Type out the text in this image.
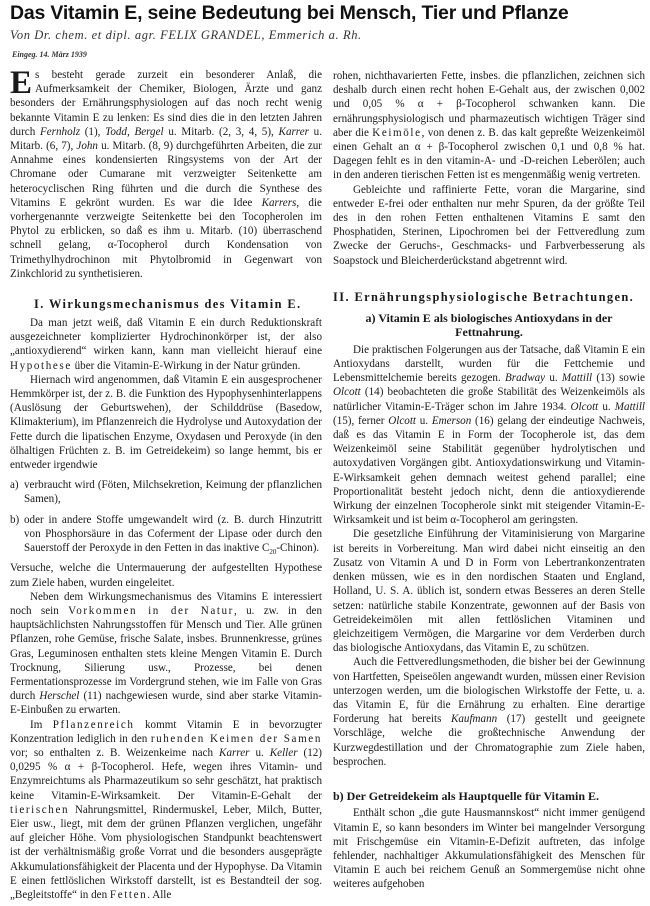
Das Vitamin E, seine Bedeutung bei Mensch, Tier und Pflanze
Von Dr. chem. et dipl. agr. FELIX GRANDEL, Emmerich a. Rh.
Eingeg. 14. März 1939

Es besteht gerade zurzeit ein besonderer Anlaß, die Aufmerksamkeit der Chemiker, Biologen, Ärzte und ganz besonders der Ernährungsphysiologen auf das noch recht wenig bekannte Vitamin E zu lenken: Es sind dies die in den letzten Jahren durch Fernholz (1), Todd, Bergel u. Mitarb. (2, 3, 4, 5), Karrer u. Mitarb. (6, 7), John u. Mitarb. (8, 9) durchgeführten Arbeiten, die zur Annahme eines kondensierten Ringsystems von der Art der Chromane oder Cumarane mit verzweigter Seitenkette am heterocyclischen Ring führten und die durch die Synthese des Vitamins E gekrönt wurden. Es war die Idee Karrers, die vorhergenannte verzweigte Seitenkette bei den Tocopherolen im Phytol zu erblicken, so daß es ihm u. Mitarb. (10) überraschend schnell gelang, α-Tocopherol durch Kondensation von Trimethylhydrochinon mit Phytolbromid in Gegenwart von Zinkchlorid zu synthetisieren.

I. Wirkungsmechanismus des Vitamin E.

Da man jetzt weiß, daß Vitamin E ein durch Reduktionskraft ausgezeichneter komplizierter Hydrochinonkörper ist, der also „antioxydierend“ wirken kann, kann man vielleicht hierauf eine Hypothese über die Vitamin-E-Wirkung in der Natur gründen.

Hiernach wird angenommen, daß Vitamin E ein ausgesprochener Hemmkörper ist, der z. B. die Funktion des Hypophysenhinterlappens (Auslösung der Geburtswehen), der Schilddrüse (Basedow, Klimakterium), im Pflanzenreich die Hydrolyse und Autoxydation der Fette durch die lipatischen Enzyme, Oxydasen und Peroxyde (in den ölhaltigen Früchten z. B. im Getreidekeim) so lange hemmt, bis er entweder irgendwie

a) verbraucht wird (Föten, Milchsekretion, Keimung der pflanzlichen Samen),
b) oder in andere Stoffe umgewandelt wird (z. B. durch Hinzutritt von Phosphorsäure in das Coferment der Lipase oder durch den Sauerstoff der Peroxyde in den Fetten in das inaktive $C_{20}-Chinon$).

Versuche, welche die Untermauerung der aufgestellten Hypothese zum Ziele haben, wurden eingeleitet.

Neben dem Wirkungsmechanismus des Vitamins E interessiert noch sein Vorkommen in der Natur, u. zw. in den hauptsächlichsten Nahrungsstoffen für Mensch und Tier. Alle grünen Pflanzen, rohe Gemüse, frische Salate, insbes. Brunnenkresse, grünes Gras, Leguminosen enthalten stets kleine Mengen Vitamin E. Durch Trocknung, Silierung usw., Prozesse, bei denen Fermentationsprozesse im Vordergrund stehen, wie im Falle von Gras durch Herschel (11) nachgewiesen wurde, sind aber starke Vitamin-E-Einbußen zu erwarten.

Im Pflanzenreich kommt Vitamin E in bevorzugter Konzentration lediglich in den ruhenden Keimen der Samen vor; so enthalten z. B. Weizenkeime nach Karrer u. Keller (12) 0,0295 % α + β-Tocopherol. Hefe, wegen ihres Vitamin- und Enzymreichtums als Pharmazeutikum so sehr geschätzt, hat praktisch keine Vitamin-E-Wirksamkeit. Der Vitamin-E-Gehalt der tierischen Nahrungsmittel, Rindermuskel, Leber, Milch, Butter, Eier usw., liegt, mit dem der grünen Pflanzen verglichen, ungefähr auf gleicher Höhe. Vom physiologischen Standpunkt beachtenswert ist der verhältnismäßig große Vorrat und die besonders ausgeprägte Akkumulationsfähigkeit der Placenta und der Hypophyse. Da Vitamin E einen fettlöslichen Wirkstoff darstellt, ist es Bestandteil der sog. „Begleitstoffe“ in den Fetten. Alle

rohen, nichthavarierten Fette, insbes. die pflanzlichen, zeichnen sich deshalb durch einen recht hohen E-Gehalt aus, der zwischen 0,002 und 0,05 % α + β-Tocopherol schwanken kann. Die ernährungsphysiologisch und pharmazeutisch wichtigen Träger sind aber die Keimöle, von denen z. B. das kalt gepreßte Weizenkeimöl einen Gehalt an α + β-Tocopherol zwischen 0,1 und 0,8 % hat. Dagegen fehlt es in den vitamin-A- und -D-reichen Leberölen; auch in den anderen tierischen Fetten ist es mengenmäßig wenig vertreten.

Gebleichte und raffinierte Fette, voran die Margarine, sind entweder E-frei oder enthalten nur mehr Spuren, da der größte Teil des in den rohen Fetten enthaltenen Vitamins E samt den Phosphatiden, Sterinen, Lipochromen bei der Fettveredlung zum Zwecke der Geruchs-, Geschmacks- und Farbverbesserung als Soapstock und Bleicherderückstand abgetrennt wird.

II. Ernährungsphysiologische Betrachtungen.
a) Vitamin E als biologisches Antioxydans in der Fettnahrung.

Die praktischen Folgerungen aus der Tatsache, daß Vitamin E ein Antioxydans darstellt, wurden für die Fettchemie und Lebensmittelchemie bereits gezogen. Bradway u. Mattill (13) sowie Olcott (14) beobachteten die große Stabilität des Weizenkeimöls als natürlicher Vitamin-E-Träger schon im Jahre 1934. Olcott u. Mattill (15), ferner Olcott u. Emerson (16) gelang der eindeutige Nachweis, daß es das Vitamin E in Form der Tocopherole ist, das dem Weizenkeimöl seine Stabilität gegenüber hydrolytischen und autoxydativen Vorgängen gibt. Antioxydationswirkung und Vitamin-E-Wirksamkeit gehen demnach weitest gehend parallel; eine Proportionalität besteht jedoch nicht, denn die antioxydierende Wirkung der einzelnen Tocopherole sinkt mit steigender Vitamin-E-Wirksamkeit und ist beim α-Tocopherol am geringsten.

Die gesetzliche Einführung der Vitaminisierung von Margarine ist bereits in Vorbereitung. Man wird dabei nicht einseitig an den Zusatz von Vitamin A und D in Form von Lebertrankonzentraten denken müssen, wie es in den nordischen Staaten und England, Holland, U. S. A. üblich ist, sondern etwas Besseres an deren Stelle setzen: natürliche stabile Konzentrate, gewonnen auf der Basis von Getreidekeimölen mit allen fettlöslichen Vitaminen und gleichzeitigem Vermögen, die Margarine vor dem Verderben durch das biologische Antioxydans, das Vitamin E, zu schützen.

Auch die Fettveredlungsmethoden, die bisher bei der Gewinnung von Hartfetten, Speiseölen angewandt wurden, müssen einer Revision unterzogen werden, um die biologischen Wirkstoffe der Fette, u. a. das Vitamin E, für die Ernährung zu erhalten. Eine derartige Forderung hat bereits Kaufmann (17) gestellt und geeignete Vorschläge, welche die großtechnische Anwendung der Kurzwegdestillation und der Chromatographie zum Ziele haben, besprochen.

b) Der Getreidekeim als Hauptquelle für Vitamin E.

Enthält schon „die gute Hausmannskost“ nicht immer genügend Vitamin E, so kann besonders im Winter bei mangelnder Versorgung mit Frischgemüse ein Vitamin-E-Defizit auftreten, das infolge fehlender, nachhaltiger Akkumulationsfähigkeit des Menschen für Vitamin E auch bei reichem Genuß an Sommergemüse nicht ohne weiteres aufgehoben
